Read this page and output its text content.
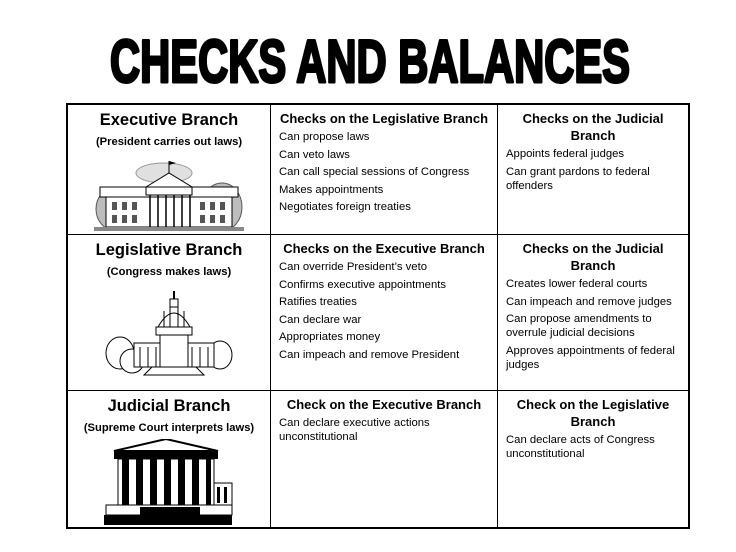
CHECKS AND BALANCES
Executive Branch
(President carries out laws)
Checks on the Legislative Branch
Can propose laws
Can veto laws
Can call special sessions of Congress
Makes appointments
Negotiates foreign treaties
Checks on the Judicial Branch
Appoints federal judges
Can grant pardons to federal offenders
Legislative Branch
(Congress makes laws)
Checks on the Executive Branch
Can override President’s veto
Confirms executive appointments
Ratifies treaties
Can declare war
Appropriates money
Can impeach and remove President
Checks on the Judicial Branch
Creates lower federal courts
Can impeach and remove judges
Can propose amendments to overrule judicial decisions
Approves appointments of federal judges
Judicial Branch
(Supreme Court interprets laws)
Check on the Executive Branch
Can declare executive actions unconstitutional
Check on the Legislative Branch
Can declare acts of Congress unconstitutional
